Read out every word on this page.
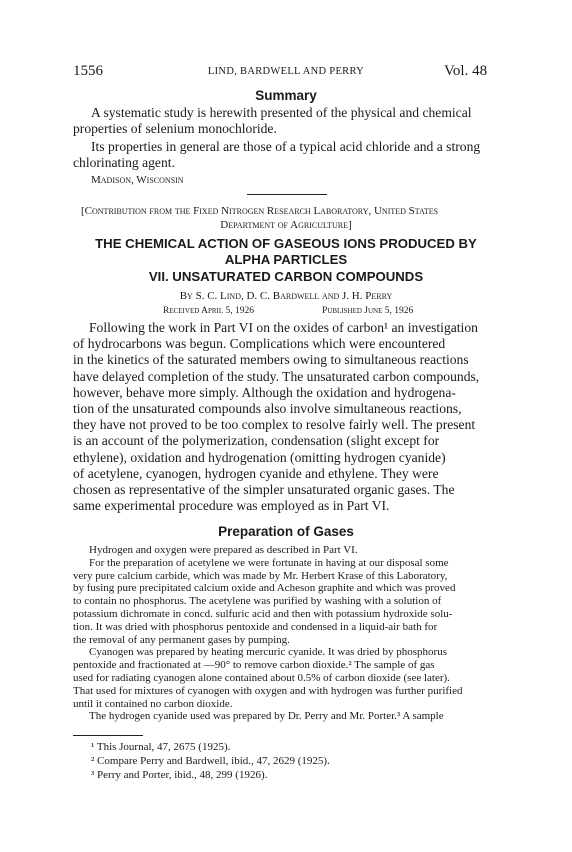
1556	LIND, BARDWELL AND PERRY	Vol. 48
Summary
A systematic study is herewith presented of the physical and chemical
properties of selenium monochloride.
Its properties in general are those of a typical acid chloride and a strong
chlorinating agent.
Madison, Wisconsin
[Contribution from the Fixed Nitrogen Research Laboratory, United States
Department of Agriculture]
THE CHEMICAL ACTION OF GASEOUS IONS PRODUCED BY
ALPHA PARTICLES
VII. UNSATURATED CARBON COMPOUNDS
By S. C. Lind, D. C. Bardwell and J. H. Perry
Received April 5, 1926	Published June 5, 1926
Following the work in Part VI on the oxides of carbon¹ an investigation
of hydrocarbons was begun. Complications which were encountered
in the kinetics of the saturated members owing to simultaneous reactions
have delayed completion of the study. The unsaturated carbon compounds,
however, behave more simply. Although the oxidation and hydrogena-
tion of the unsaturated compounds also involve simultaneous reactions,
they have not proved to be too complex to resolve fairly well. The present
is an account of the polymerization, condensation (slight except for
ethylene), oxidation and hydrogenation (omitting hydrogen cyanide)
of acetylene, cyanogen, hydrogen cyanide and ethylene. They were
chosen as representative of the simpler unsaturated organic gases. The
same experimental procedure was employed as in Part VI.
Preparation of Gases
Hydrogen and oxygen were prepared as described in Part VI.
For the preparation of acetylene we were fortunate in having at our disposal some
very pure calcium carbide, which was made by Mr. Herbert Krase of this Laboratory,
by fusing pure precipitated calcium oxide and Acheson graphite and which was proved
to contain no phosphorus. The acetylene was purified by washing with a solution of
potassium dichromate in concd. sulfuric acid and then with potassium hydroxide solu-
tion. It was dried with phosphorus pentoxide and condensed in a liquid-air bath for
the removal of any permanent gases by pumping.
Cyanogen was prepared by heating mercuric cyanide. It was dried by phosphorus
pentoxide and fractionated at —90° to remove carbon dioxide.² The sample of gas
used for radiating cyanogen alone contained about 0.5% of carbon dioxide (see later).
That used for mixtures of cyanogen with oxygen and with hydrogen was further purified
until it contained no carbon dioxide.
The hydrogen cyanide used was prepared by Dr. Perry and Mr. Porter.³ A sample
¹ This Journal, 47, 2675 (1925).
² Compare Perry and Bardwell, ibid., 47, 2629 (1925).
³ Perry and Porter, ibid., 48, 299 (1926).
